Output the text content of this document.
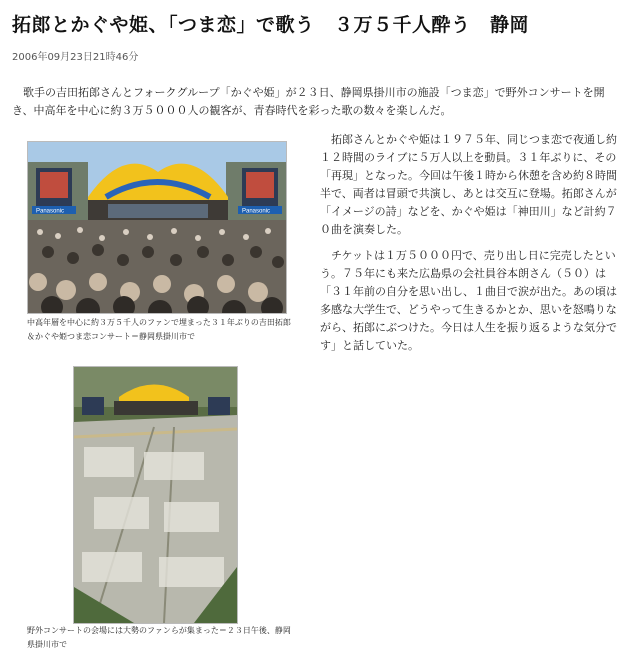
拓郎とかぐや姫、「つま恋」で歌う　３万５千人酔う　静岡
2006年09月23日21時46分

歌手の吉田拓郎さんとフォークグループ「かぐや姫」が２３日、静岡県掛川市の施設「つま恋」で野外コンサートを開き、中高年を中心に約３万５０００人の観客が、青春時代を彩った歌の数々を楽しんだ。

Panasonic	Panasonic
中高年層を中心に約３万５千人のファンで埋まった３１年ぶりの吉田拓郎＆かぐや姫つま恋コンサート＝静岡県掛川市で
野外コンサートの会場には大勢のファンらが集まった＝２３日午後、静岡県掛川市で

拓郎さんとかぐや姫は１９７５年、同じつま恋で夜通し約１２時間のライブに５万人以上を動員。３１年ぶりに、その「再現」となった。今回は午後１時から休憩を含め約８時間半で、両者は冒頭で共演し、あとは交互に登場。拓郎さんが「イメージの詩」などを、かぐや姫は「神田川」など計約７０曲を演奏した。

チケットは１万５０００円で、売り出し日に完売したという。７５年にも来た広島県の会社員谷本朗さん（５０）は「３１年前の自分を思い出し、１曲目で涙が出た。あの頃は多感な大学生で、どうやって生きるかとか、思いを怒鳴りながら、拓郎にぶつけた。今日は人生を振り返るような気分です」と話していた。
